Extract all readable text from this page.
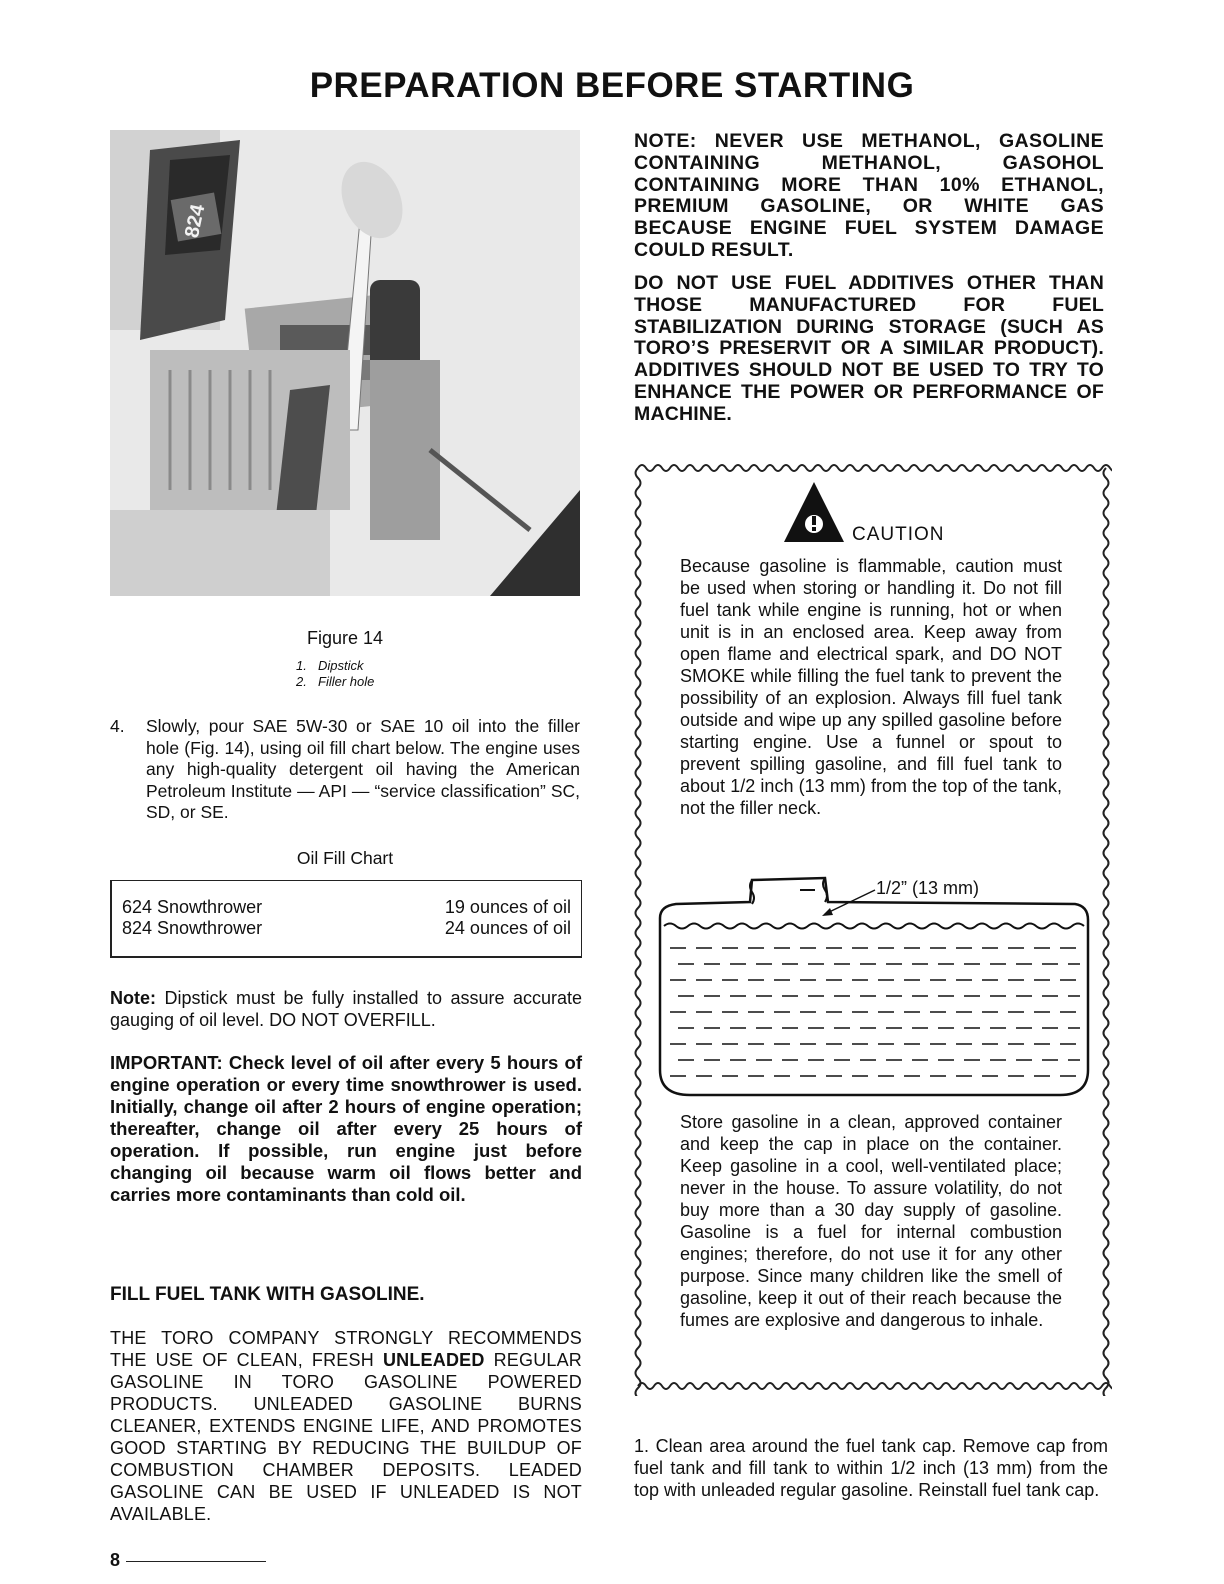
PREPARATION BEFORE STARTING
824
Figure 14
1. Dipstick
2. Filler hole
4.	Slowly, pour SAE 5W-30 or SAE 10 oil into the filler hole (Fig. 14), using oil fill chart below. The engine uses any high-quality detergent oil having the American Petroleum Institute — API — “service classification” SC, SD, or SE.
Oil Fill Chart
624 Snowthrower	19 ounces of oil
824 Snowthrower	24 ounces of oil
Note: Dipstick must be fully installed to assure accurate gauging of oil level. DO NOT OVERFILL.
IMPORTANT: Check level of oil after every 5 hours of engine operation or every time snowthrower is used. Initially, change oil after 2 hours of engine operation; thereafter, change oil after every 25 hours of operation. If possible, run engine just before changing oil because warm oil flows better and carries more contaminants than cold oil.
FILL FUEL TANK WITH GASOLINE.
THE TORO COMPANY STRONGLY RECOMMENDS THE USE OF CLEAN, FRESH UNLEADED REGULAR GASOLINE IN TORO GASOLINE POWERED PRODUCTS. UNLEADED GASOLINE BURNS CLEANER, EXTENDS ENGINE LIFE, AND PROMOTES GOOD STARTING BY REDUCING THE BUILDUP OF COMBUSTION CHAMBER DEPOSITS. LEADED GASOLINE CAN BE USED IF UNLEADED IS NOT AVAILABLE.
8
NOTE: NEVER USE METHANOL, GASOLINE CONTAINING METHANOL, GASOHOL CONTAINING MORE THAN 10% ETHANOL, PREMIUM GASOLINE, OR WHITE GAS BECAUSE ENGINE FUEL SYSTEM DAMAGE COULD RESULT.
DO NOT USE FUEL ADDITIVES OTHER THAN THOSE MANUFACTURED FOR FUEL STABILIZATION DURING STORAGE (SUCH AS TORO’S PRESERVIT OR A SIMILAR PRODUCT). ADDITIVES SHOULD NOT BE USED TO TRY TO ENHANCE THE POWER OR PERFORMANCE OF MACHINE.
CAUTION
Because gasoline is flammable, caution must be used when storing or handling it. Do not fill fuel tank while engine is running, hot or when unit is in an enclosed area. Keep away from open flame and electrical spark, and DO NOT SMOKE while filling the fuel tank to prevent the possibility of an explosion. Always fill fuel tank outside and wipe up any spilled gasoline before starting engine. Use a funnel or spout to prevent spilling gasoline, and fill fuel tank to about 1/2 inch (13 mm) from the top of the tank, not the filler neck.
1/2” (13 mm)
Store gasoline in a clean, approved container and keep the cap in place on the container. Keep gasoline in a cool, well-ventilated place; never in the house. To assure volatility, do not buy more than a 30 day supply of gasoline. Gasoline is a fuel for internal combustion engines; therefore, do not use it for any other purpose. Since many children like the smell of gasoline, keep it out of their reach because the fumes are explosive and dangerous to inhale.
1. Clean area around the fuel tank cap. Remove cap from fuel tank and fill tank to within 1/2 inch (13 mm) from the top with unleaded regular gasoline. Reinstall fuel tank cap.
